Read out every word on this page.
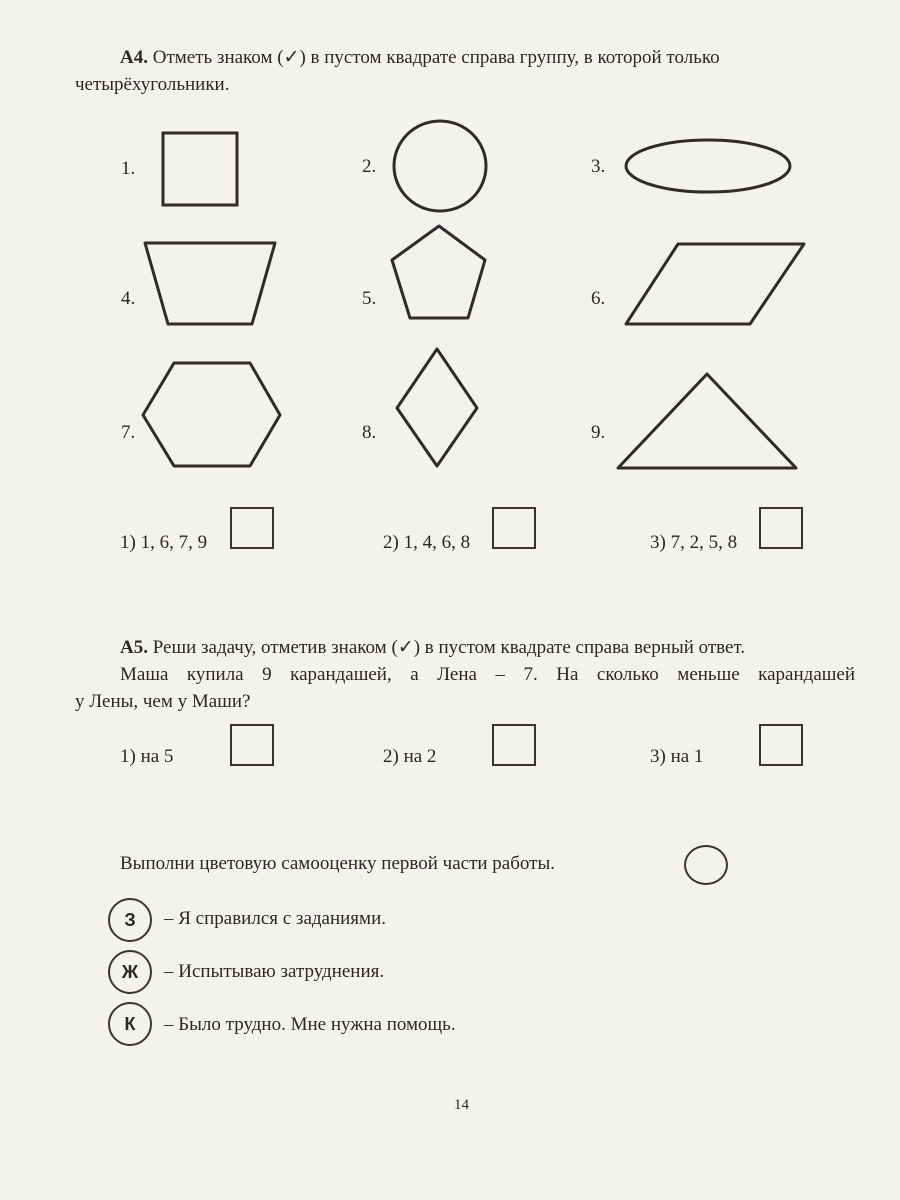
А4. Отметь знаком (✓) в пустом квадрате справа группу, в которой только
четырёхугольники.
1.	2.	3.
4.	5.	6.
7.	8.	9.
1) 1, 6, 7, 9	2) 1, 4, 6, 8	3) 7, 2, 5, 8
А5. Реши задачу, отметив знаком (✓) в пустом квадрате справа верный ответ.
Маша купила 9 карандашей, а Лена – 7. На сколько меньше карандашей
у Лены, чем у Маши?
1) на 5	2) на 2	3) на 1
Выполни цветовую самооценку первой части работы.
З	– Я справился с заданиями.
Ж	– Испытываю затруднения.
К	– Было трудно. Мне нужна помощь.
14
